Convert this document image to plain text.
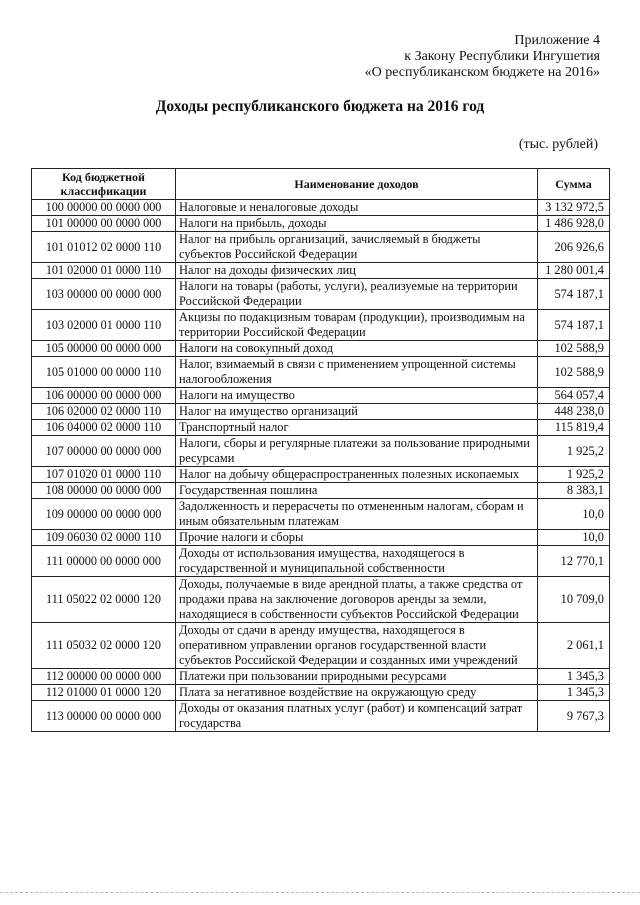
Приложение 4
к Закону Республики Ингушетия
«О республиканском бюджете на 2016»
Доходы республиканского бюджета на 2016 год
(тыс. рублей)
Код бюджетной классификации	Наименование доходов	Сумма
100 00000 00 0000 000	Налоговые и неналоговые доходы	3 132 972,5
101 00000 00 0000 000	Налоги на прибыль, доходы	1 486 928,0
101 01012 02 0000 110	Налог на прибыль организаций, зачисляемый в бюджеты субъектов Российской Федерации	206 926,6
101 02000 01 0000 110	Налог на доходы физических лиц	1 280 001,4
103 00000 00 0000 000	Налоги на товары (работы, услуги), реализуемые на территории Российской Федерации	574 187,1
103 02000 01 0000 110	Акцизы по подакцизным товарам (продукции), производимым на территории Российской Федерации	574 187,1
105 00000 00 0000 000	Налоги на совокупный доход	102 588,9
105 01000 00 0000 110	Налог, взимаемый в связи с применением упрощенной системы налогообложения	102 588,9
106 00000 00 0000 000	Налоги на имущество	564 057,4
106 02000 02 0000 110	Налог на имущество организаций	448 238,0
106 04000 02 0000 110	Транспортный налог	115 819,4
107 00000 00 0000 000	Налоги, сборы и регулярные платежи за пользование природными ресурсами	1 925,2
107 01020 01 0000 110	Налог на добычу общераспространенных полезных ископаемых	1 925,2
108 00000 00 0000 000	Государственная пошлина	8 383,1
109 00000 00 0000 000	Задолженность и перерасчеты по отмененным налогам, сборам и иным обязательным платежам	10,0
109 06030 02 0000 110	Прочие налоги и сборы	10,0
111 00000 00 0000 000	Доходы от использования имущества, находящегося в государственной и муниципальной собственности	12 770,1
111 05022 02 0000 120	Доходы, получаемые в виде арендной платы, а также средства от продажи права на заключение договоров аренды за земли, находящиеся в собственности субъектов Российской Федерации	10 709,0
111 05032 02 0000 120	Доходы от сдачи в аренду имущества, находящегося в оперативном управлении органов государственной власти субъектов Российской Федерации и созданных ими учреждений	2 061,1
112 00000 00 0000 000	Платежи при пользовании природными ресурсами	1 345,3
112 01000 01 0000 120	Плата за негативное воздействие на окружающую среду	1 345,3
113 00000 00 0000 000	Доходы от оказания платных услуг (работ) и компенсаций затрат государства	9 767,3
